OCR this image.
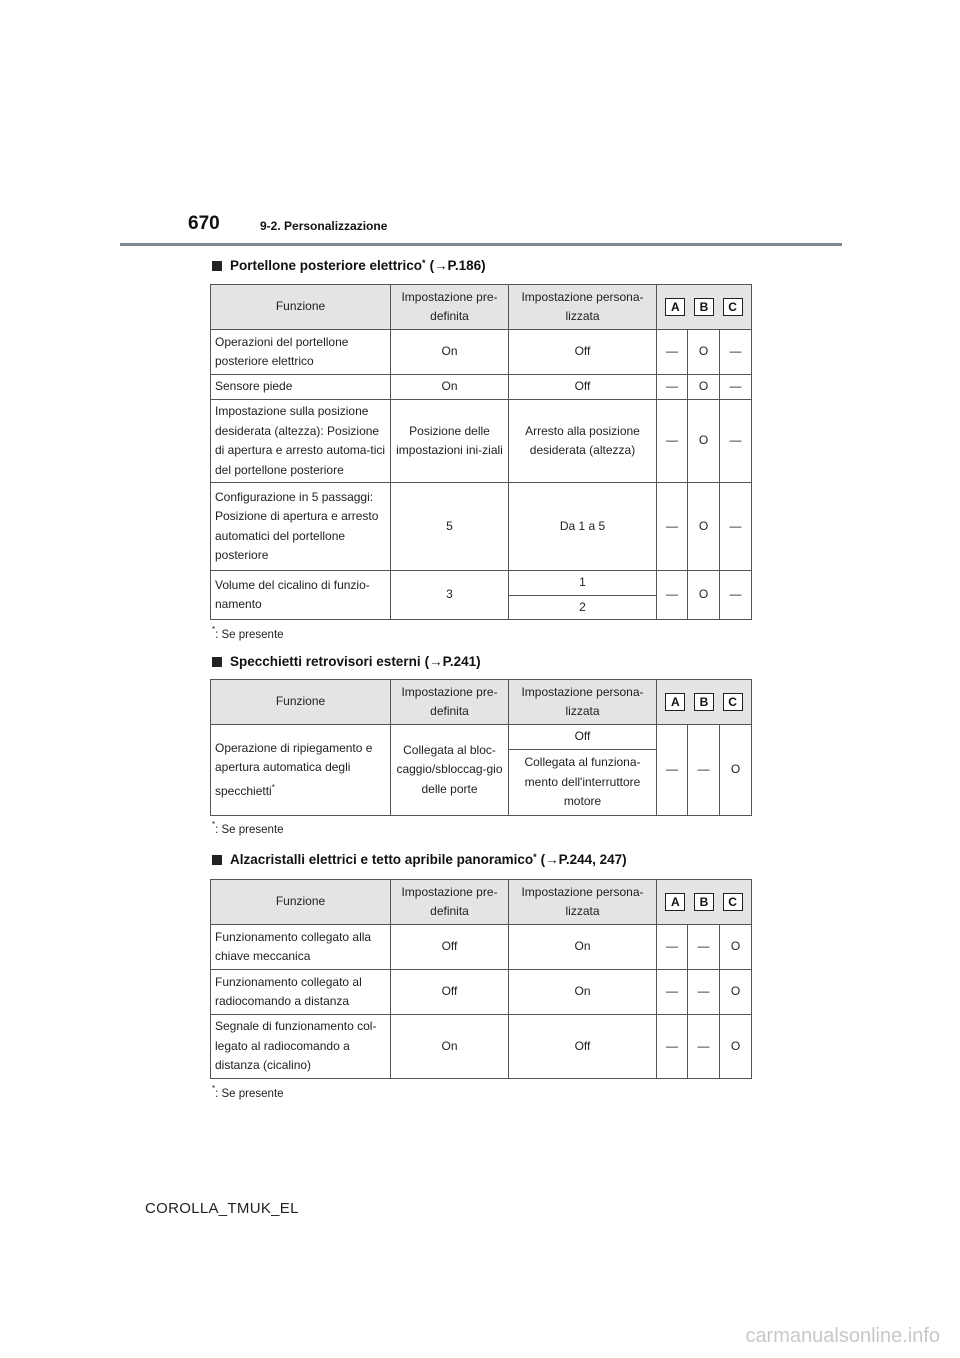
670	9-2. Personalizzazione
Portellone posteriore elettrico* (→P.186)
Funzione	Impostazione pre-definita	Impostazione persona-lizzata	A B C		

Operazioni del portellone posteriore elettrico	On	Off	—	O	—
Sensore piede	On	Off	—	O	—
Impostazione sulla posizione desiderata (altezza): Posizione di apertura e arresto automa-tici del portellone posteriore	Posizione delle impostazioni ini-ziali	Arresto alla posizione desiderata (altezza)	—	O	—
Configurazione in 5 passaggi: Posizione di apertura e arresto automatici del portellone posteriore	5	Da 1 a 5	—	O	—
Volume del cicalino di funzio-namento	3	1	—	O	—
		2			
*: Se presente
Specchietti retrovisori esterni (→P.241)
Funzione	Impostazione pre-definita	Impostazione persona-lizzata	A B C		

Operazione di ripiegamento e apertura automatica degli specchietti*	Collegata al bloc-caggio/sbloccag-gio delle porte	Off	—	—	O
		Collegata al funziona-mento dell'interruttore motore			
*: Se presente
Alzacristalli elettrici e tetto apribile panoramico* (→P.244, 247)
Funzione	Impostazione pre-definita	Impostazione persona-lizzata	A B C		

Funzionamento collegato alla chiave meccanica	Off	On	—	—	O
Funzionamento collegato al radiocomando a distanza	Off	On	—	—	O
Segnale di funzionamento col-legato al radiocomando a distanza (cicalino)	On	Off	—	—	O
*: Se presente
COROLLA_TMUK_EL
carmanualsonline.info
